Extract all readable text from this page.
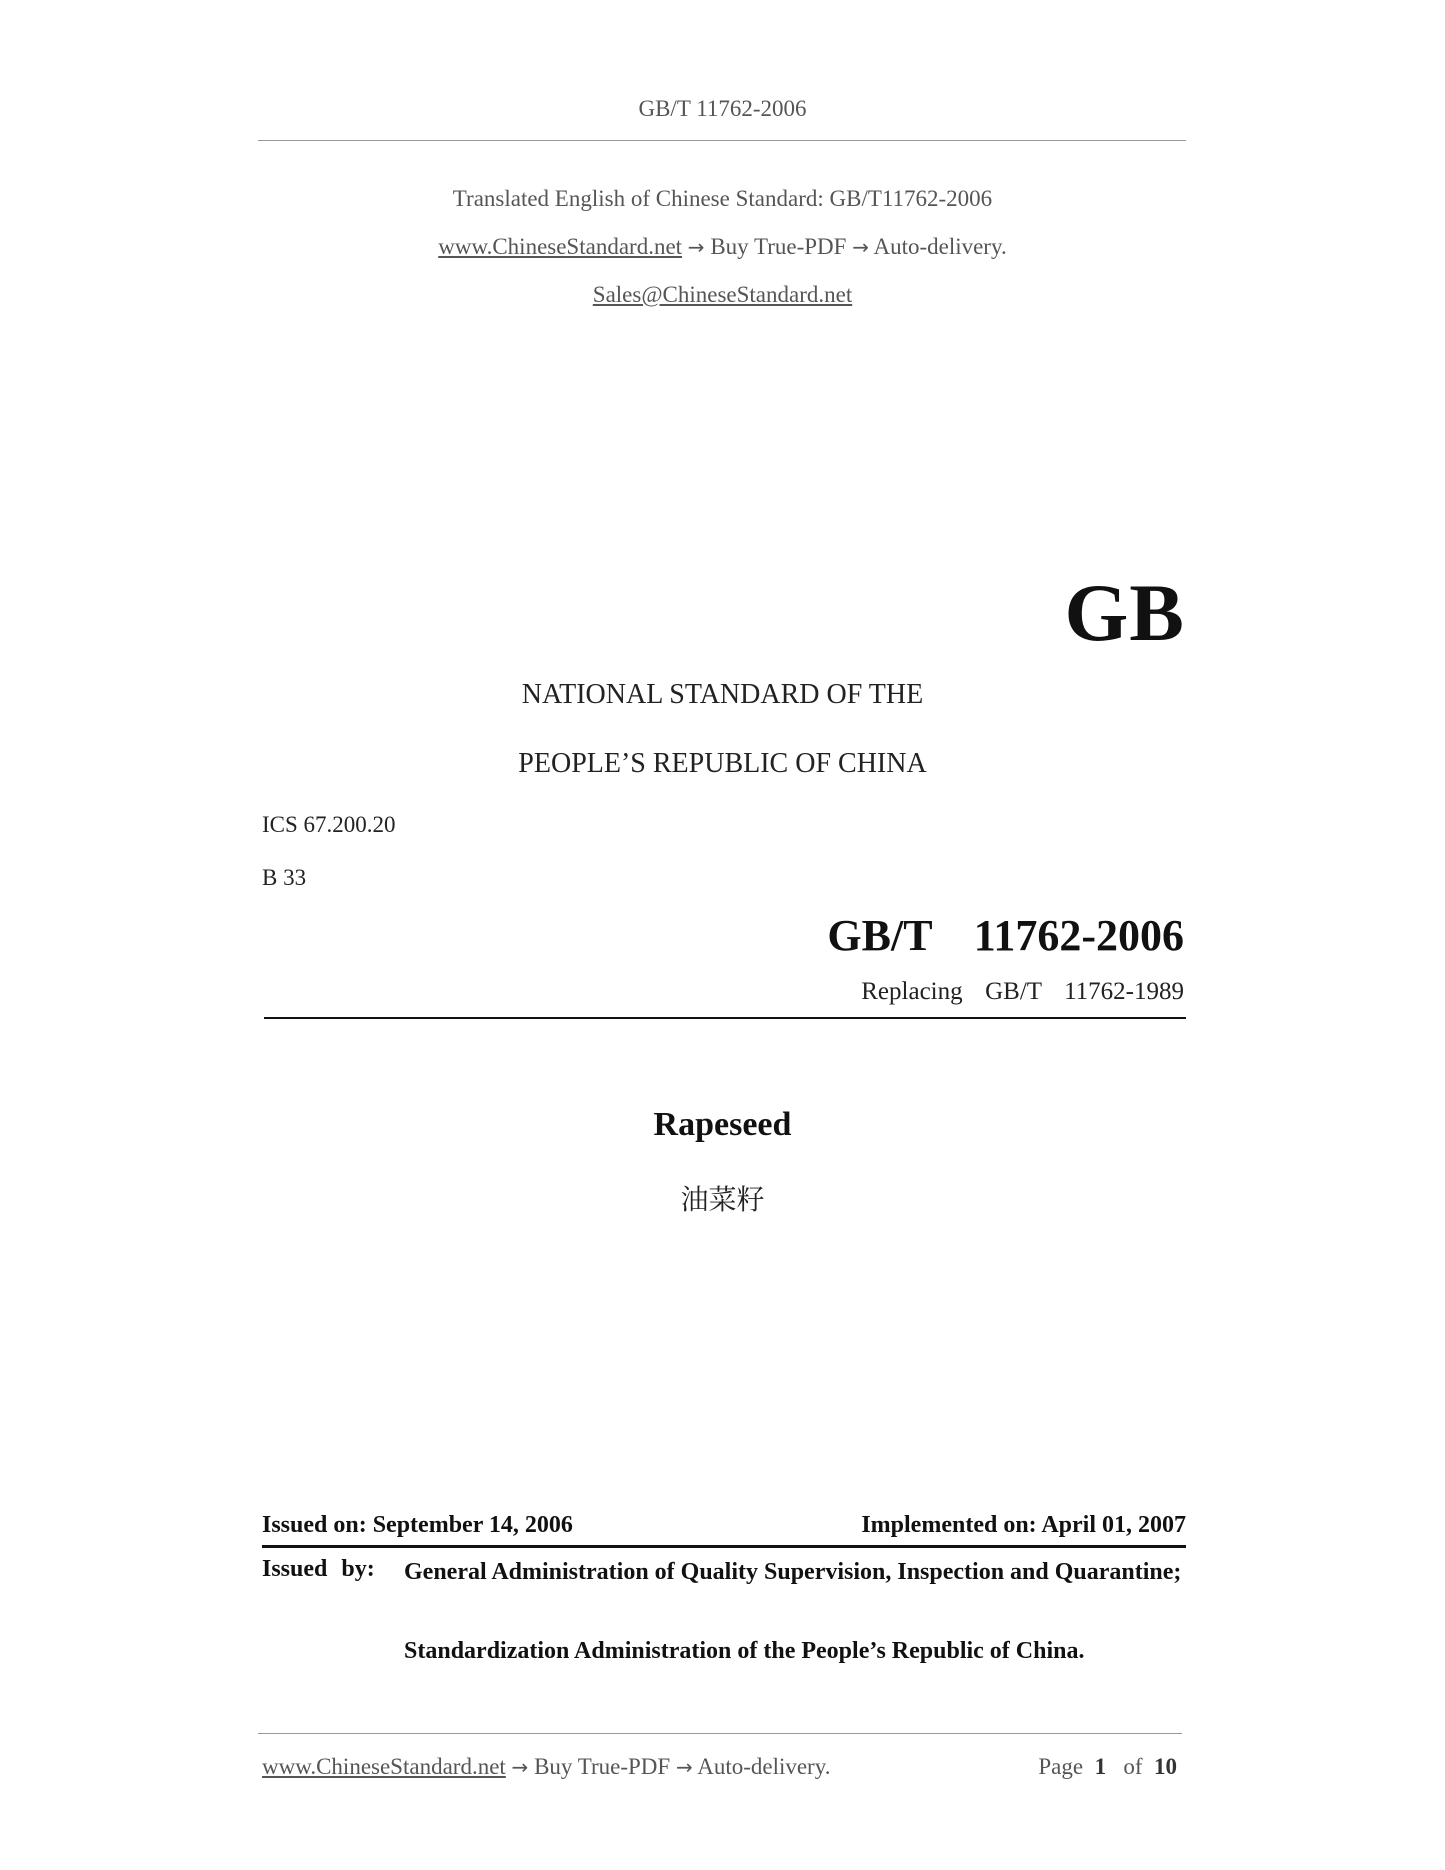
GB/T 11762-2006
Translated English of Chinese Standard: GB/T11762-2006
www.ChineseStandard.net → Buy True-PDF → Auto-delivery.
Sales@ChineseStandard.net
GB
NATIONAL STANDARD OF THE
PEOPLE’S REPUBLIC OF CHINA
ICS 67.200.20
B 33
GB/T  11762-2006
Replacing  GB/T  11762-1989
Rapeseed
油菜籽
Issued on: September 14, 2006	Implemented on: April 01, 2007
Issued by: General Administration of Quality Supervision, Inspection and Quarantine;
Standardization Administration of the People’s Republic of China.
www.ChineseStandard.net → Buy True-PDF → Auto-delivery.	Page 1 of 10
